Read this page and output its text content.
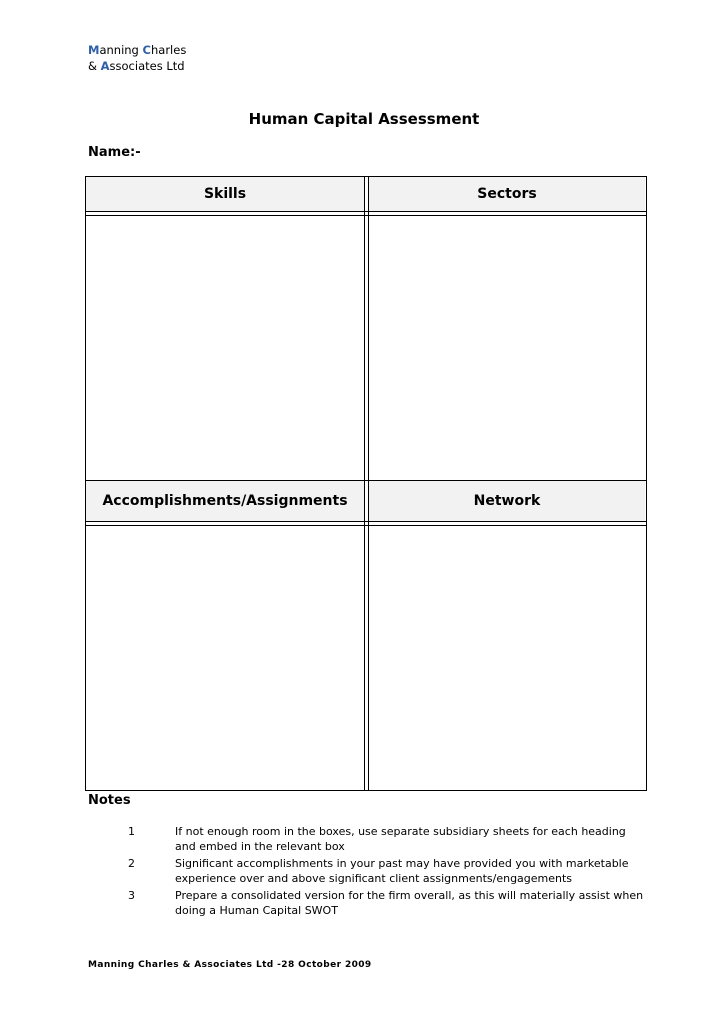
Manning Charles
& Associates Ltd
Human Capital Assessment
Name:-
Skills	Sectors
Accomplishments/Assignments	Network
Notes
1	If not enough room in the boxes, use separate subsidiary sheets for each heading and embed in the relevant box
2	Significant accomplishments in your past may have provided you with marketable experience over and above significant client assignments/engagements
3	Prepare a consolidated version for the firm overall, as this will materially assist when doing a Human Capital SWOT
Manning Charles & Associates Ltd -28 October 2009
